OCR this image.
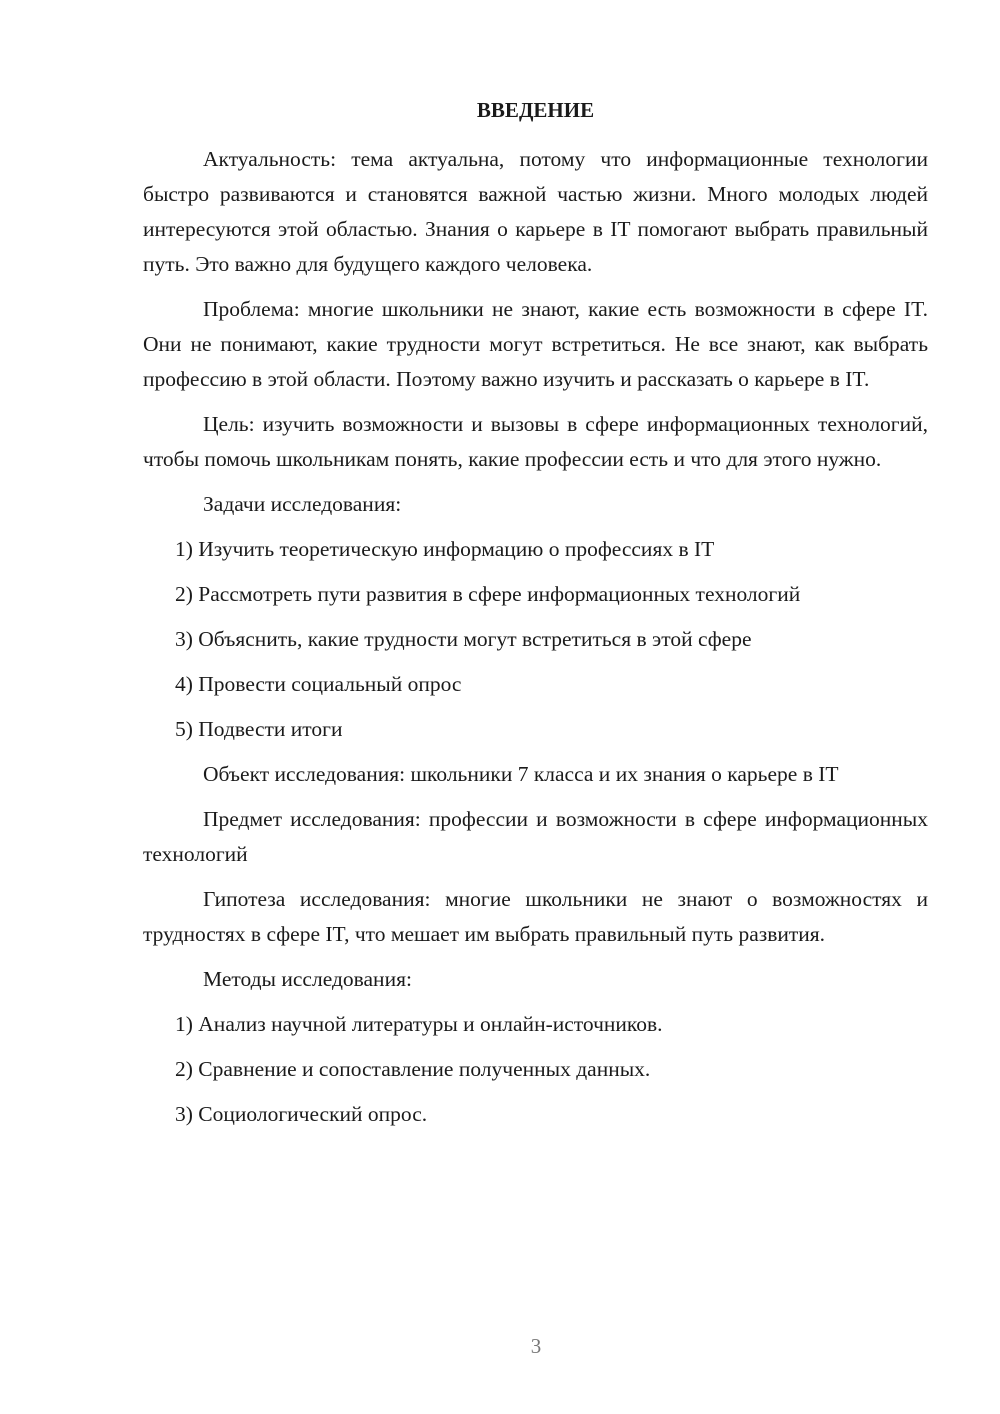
ВВЕДЕНИЕ

Актуальность: тема актуальна, потому что информационные технологии быстро развиваются и становятся важной частью жизни. Много молодых людей интересуются этой областью. Знания о карьере в IT помогают выбрать правильный путь. Это важно для будущего каждого человека.

Проблема: многие школьники не знают, какие есть возможности в сфере IT. Они не понимают, какие трудности могут встретиться. Не все знают, как выбрать профессию в этой области. Поэтому важно изучить и рассказать о карьере в IT.

Цель: изучить возможности и вызовы в сфере информационных технологий, чтобы помочь школьникам понять, какие профессии есть и что для этого нужно.

Задачи исследования:

1) Изучить теоретическую информацию о профессиях в IT
2) Рассмотреть пути развития в сфере информационных технологий
3) Объяснить, какие трудности могут встретиться в этой сфере
4) Провести социальный опрос
5) Подвести итоги

Объект исследования: школьники 7 класса и их знания о карьере в IT

Предмет исследования: профессии и возможности в сфере информационных технологий

Гипотеза исследования: многие школьники не знают о возможностях и трудностях в сфере IT, что мешает им выбрать правильный путь развития.

Методы исследования:

1) Анализ научной литературы и онлайн-источников.
2) Сравнение и сопоставление полученных данных.
3) Социологический опрос.
3
